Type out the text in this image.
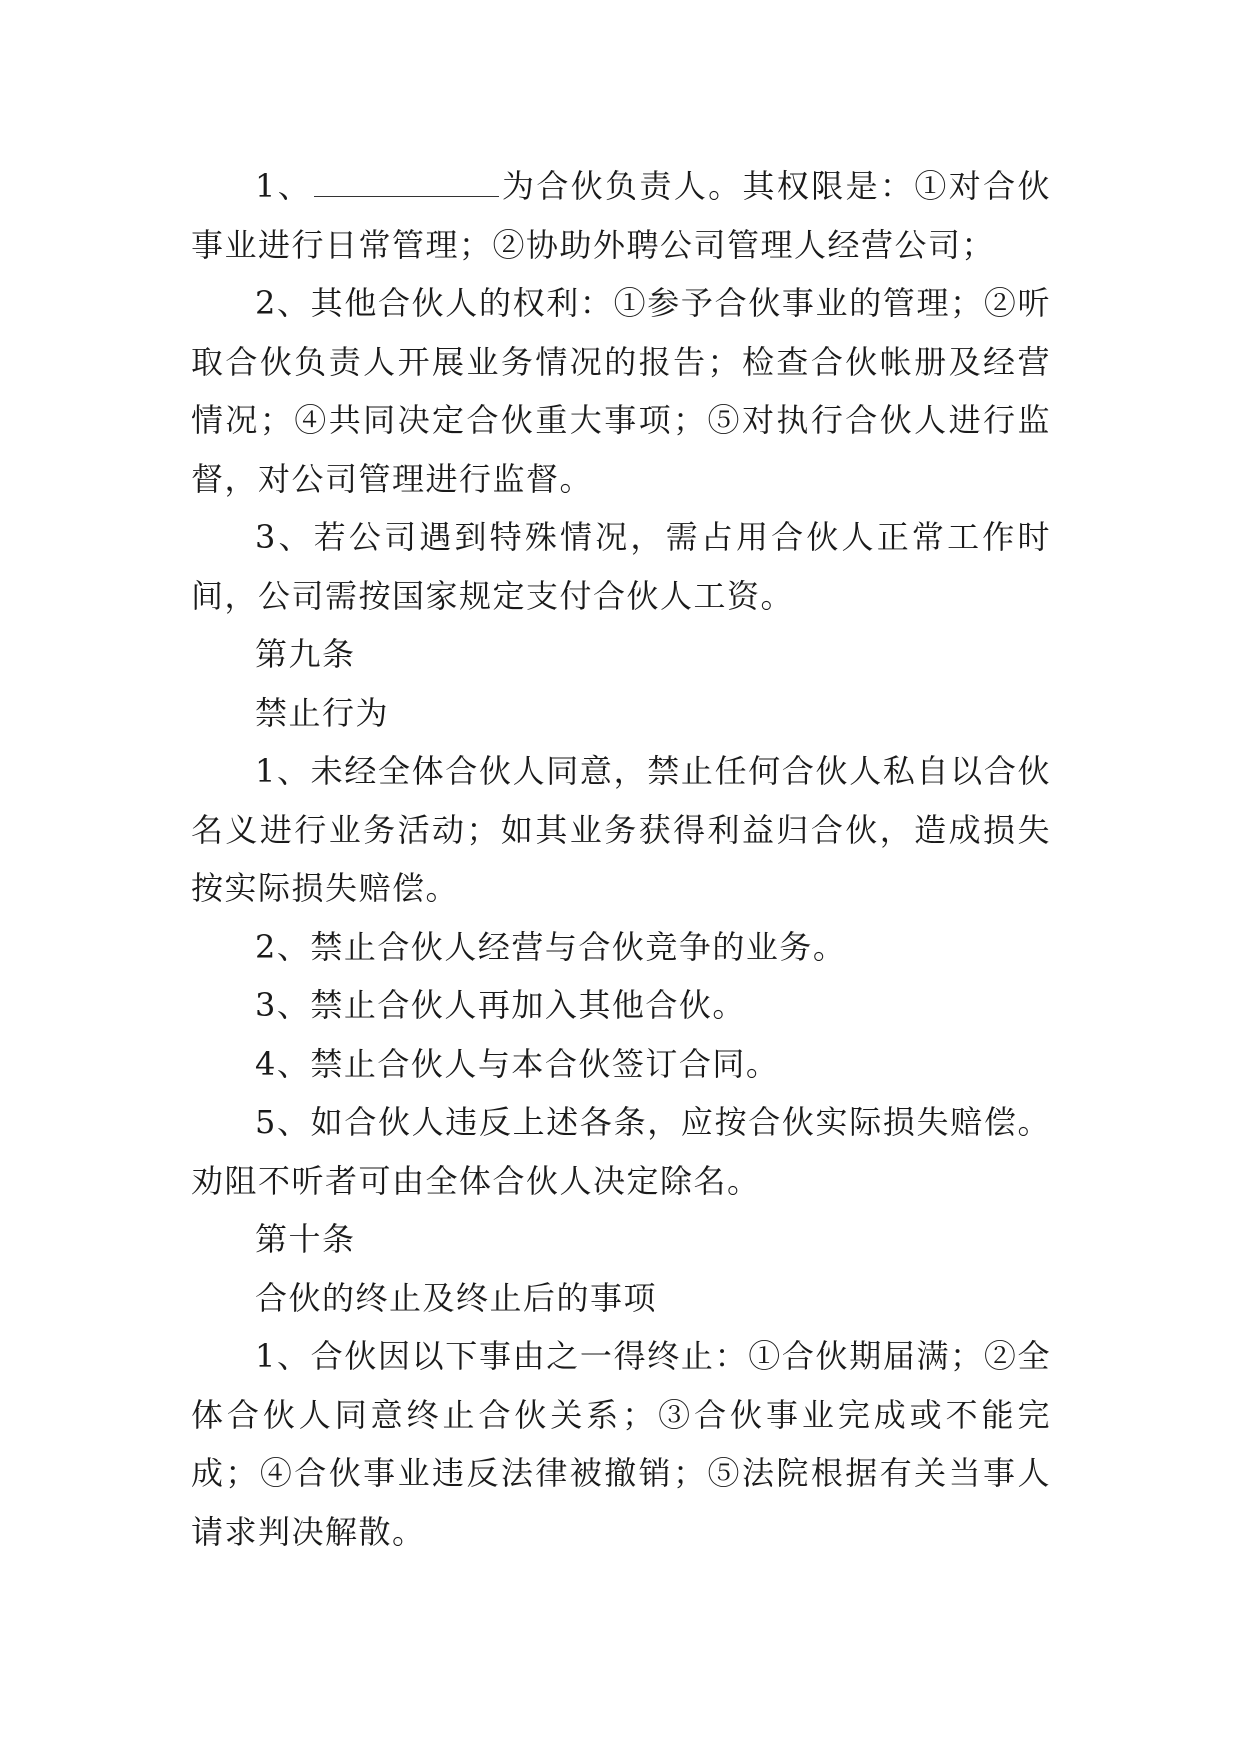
1、	为合伙负责人。其权限是：①对合伙事业进行日常管理；②协助外聘公司管理人经营公司；

2、其他合伙人的权利：①参予合伙事业的管理；②听取合伙负责人开展业务情况的报告；检查合伙帐册及经营情况；④共同决定合伙重大事项；⑤对执行合伙人进行监督，对公司管理进行监督。

3、若公司遇到特殊情况，需占用合伙人正常工作时间，公司需按国家规定支付合伙人工资。

第九条

禁止行为

1、未经全体合伙人同意，禁止任何合伙人私自以合伙名义进行业务活动；如其业务获得利益归合伙，造成损失按实际损失赔偿。

2、禁止合伙人经营与合伙竞争的业务。

3、禁止合伙人再加入其他合伙。

4、禁止合伙人与本合伙签订合同。

5、如合伙人违反上述各条，应按合伙实际损失赔偿。劝阻不听者可由全体合伙人决定除名。

第十条

合伙的终止及终止后的事项

1、合伙因以下事由之一得终止：①合伙期届满；②全体合伙人同意终止合伙关系；③合伙事业完成或不能完成；④合伙事业违反法律被撤销；⑤法院根据有关当事人请求判决解散。
